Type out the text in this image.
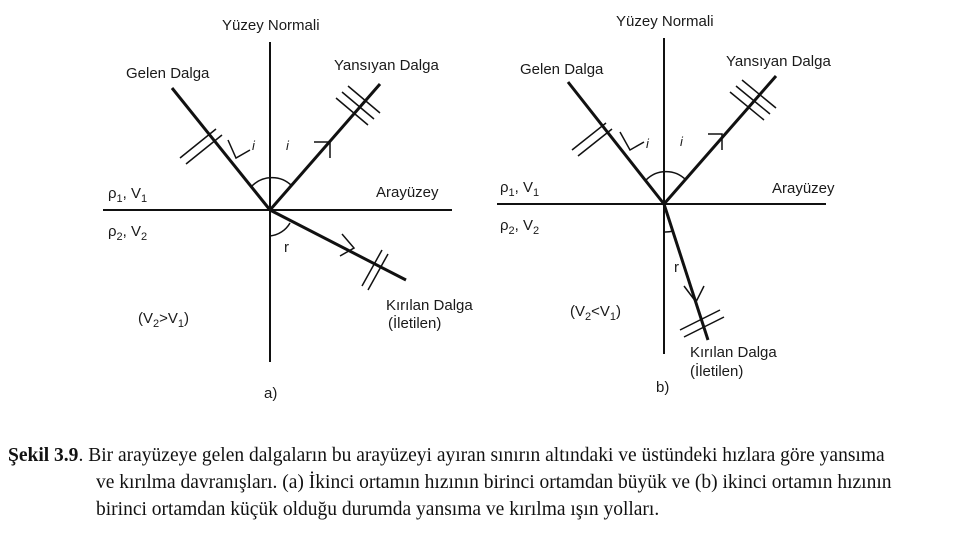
Yüzey Normali
Gelen Dalga	Yansıyan Dalga
Arayüzey
i i
r
$\rho_1$, $V_1$
$\rho_2$, $V_2$
Kırılan Dalga
(İletilen)
$(V_2>V_1)$
a)
Yüzey Normali
Gelen Dalga	Yansıyan Dalga
Arayüzey
i i
r
$\rho_1$, $V_1$
$\rho_2$, $V_2$
Kırılan Dalga
(İletilen)
$(V_2<V_1)$
b)
Şekil 3.9. Bir arayüzeye gelen dalgaların bu arayüzeyi ayıran sınırın altındaki ve üstündeki hızlara göre yansıma
ve kırılma davranışları. (a) İkinci ortamın hızının birinci ortamdan büyük ve (b) ikinci ortamın hızının
birinci ortamdan küçük olduğu durumda yansıma ve kırılma ışın yolları.
